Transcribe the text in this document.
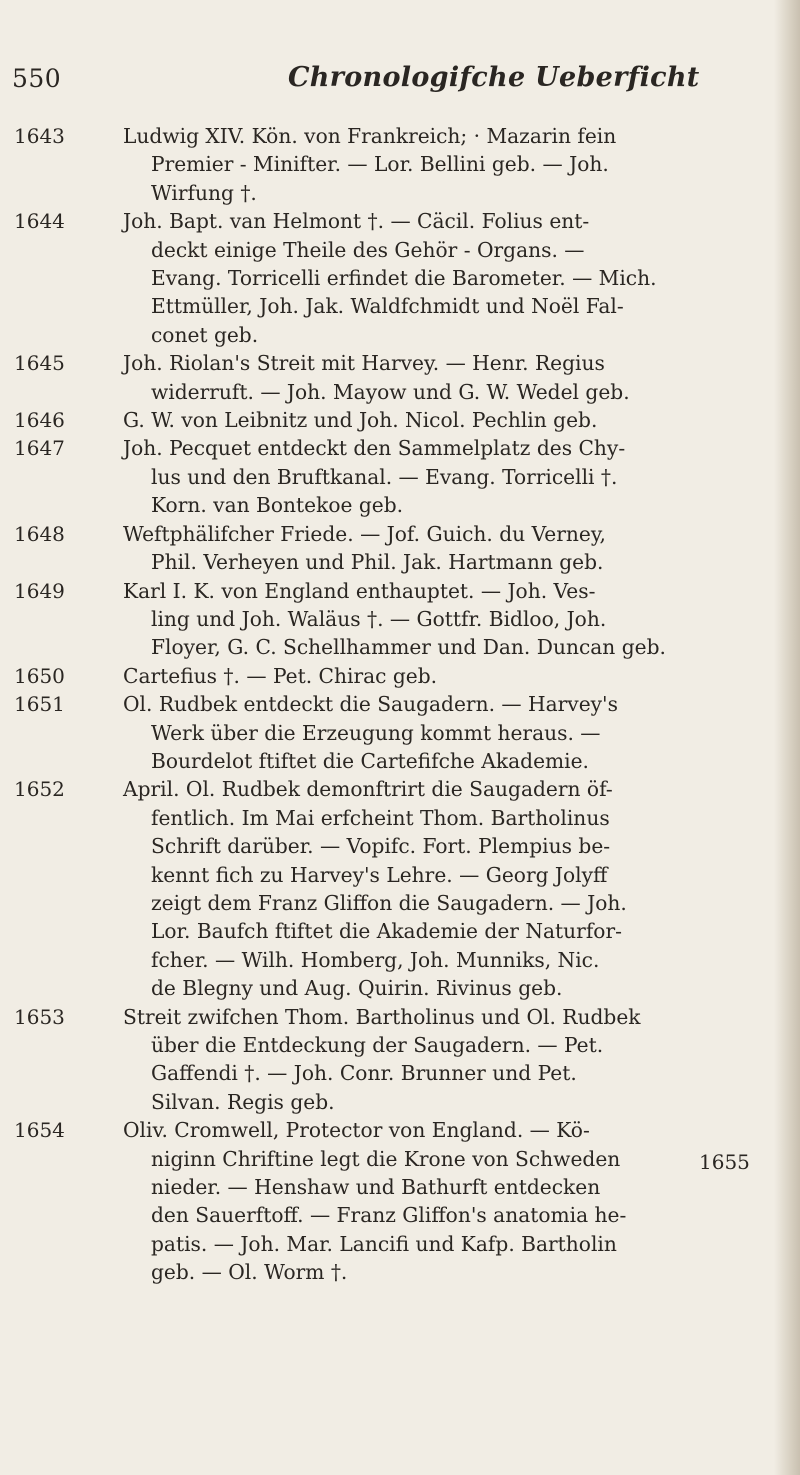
550	Chronologifche Ueberficht
1643	Ludwig XIV. Kön. von Frankreich; · Mazarin fein
Premier - Minifter. — Lor. Bellini geb. — Joh.
Wirfung †.
1644	Joh. Bapt. van Helmont †. — Cäcil. Folius ent-
deckt einige Theile des Gehör - Organs. —
Evang. Torricelli erfindet die Barometer. — Mich.
Ettmüller, Joh. Jak. Waldfchmidt und Noël Fal-
conet geb.
1645	Joh. Riolan's Streit mit Harvey. — Henr. Regius
widerruft. — Joh. Mayow und G. W. Wedel geb.
1646	G. W. von Leibnitz und Joh. Nicol. Pechlin geb.
1647	Joh. Pecquet entdeckt den Sammelplatz des Chy-
lus und den Bruftkanal. — Evang. Torricelli †.
Korn. van Bontekoe geb.
1648	Weftphälifcher Friede. — Jof. Guich. du Verney,
Phil. Verheyen und Phil. Jak. Hartmann geb.
1649	Karl I. K. von England enthauptet. — Joh. Ves-
ling und Joh. Waläus †. — Gottfr. Bidloo, Joh.
Floyer, G. C. Schellhammer und Dan. Duncan geb.
1650	Cartefius †. — Pet. Chirac geb.
1651	Ol. Rudbek entdeckt die Saugadern. — Harvey's
Werk über die Erzeugung kommt heraus. —
Bourdelot ftiftet die Cartefifche Akademie.
1652	April. Ol. Rudbek demonftrirt die Saugadern öf-
fentlich. Im Mai erfcheint Thom. Bartholinus
Schrift darüber. — Vopifc. Fort. Plempius be-
kennt fich zu Harvey's Lehre. — Georg Jolyff
zeigt dem Franz Gliffon die Saugadern. — Joh.
Lor. Baufch ftiftet die Akademie der Naturfor-
fcher. — Wilh. Homberg, Joh. Munniks, Nic.
de Blegny und Aug. Quirin. Rivinus geb.
1653	Streit zwifchen Thom. Bartholinus und Ol. Rudbek
über die Entdeckung der Saugadern. — Pet.
Gaffendi †. — Joh. Conr. Brunner und Pet.
Silvan. Regis geb.
1654	Oliv. Cromwell, Protector von England. — Kö-
niginn Chriftine legt die Krone von Schweden
nieder. — Henshaw und Bathurft entdecken
den Sauerftoff. — Franz Gliffon's anatomia he-
patis. — Joh. Mar. Lancifi und Kafp. Bartholin
geb. — Ol. Worm †.
1655
